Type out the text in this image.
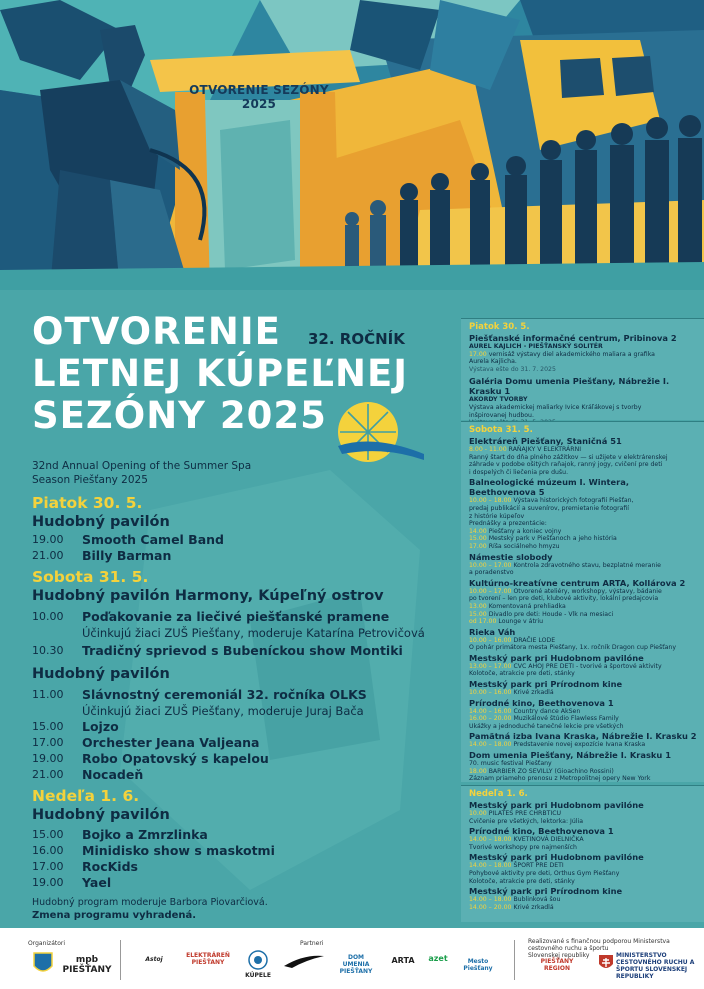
OTVORENIE SEZÓNY 2025
OTVORENIE
LETNEJ KÚPEĽNEJ
SEZÓNY 2025
32. ROČNÍK
32nd Annual Opening of the Summer Spa
Season Piešťany 2025
Piatok 30. 5.
Hudobný pavilón
19.00	Smooth Camel Band
21.00	Billy Barman
Sobota 31. 5.
Hudobný pavilón Harmony, Kúpeľný ostrov
10.00	Poďakovanie za liečivé piešťanské pramene
Účinkujú žiaci ZUŠ Piešťany, moderuje Katarína Petrovičová
10.30	Tradičný sprievod s Bubeníckou show Montiki
Hudobný pavilón
11.00	Slávnostný ceremoniál 32. ročníka OLKS
Účinkujú žiaci ZUŠ Piešťany, moderuje Juraj Bača
15.00	Lojzo
17.00	Orchester Jeana Valjeana
19.00	Robo Opatovský s kapelou
21.00	Nocadeň
Nedeľa 1. 6.
Hudobný pavilón
15.00	Bojko a Zmrzlinka
16.00	Minidisko show s maskotmi
17.00	RocKids
19.00	Yael
Hudobný program moderuje Barbora Piovarčiová.
Zmena programu vyhradená.
Piatok 30. 5.
Piešťanské informačné centrum, Pribinova 2
AUREL KAJLICH - PIEŠŤANSKÝ SOLITÉR
17.00 vernisáž výstavy diel akademického maliara a grafika
Aurela Kajlicha.
Výstava ešte do 31. 7. 2025
Galéria Domu umenia Piešťany, Nábrežie I. Krasku 1
AKORDY TVORBY
Výstava akademickej maliarky Ivice Kráľákovej s tvorby
inšpirovanej hudbou.
Sobota 31. 5.
Elektráreň Piešťany, Staničná 51
8.00 - 11.00 RAŇAJKY V ELEKTRÁRNI
Ranný štart do dňa plného zážitkov — si užijete v elektrárenskej
záhrade v podobe ošitých raňajok, ranný jogy, cvičení pre deti
i dospelých či liečenia pre dušu.
Balneologické múzeum I. Wintera, Beethovenova 5
10.00 – 18.00 Výstava historických fotografií Piešťan,
predaj publikácií a suvenírov, premietanie fotografií
z histórie kúpeľov
Prednášky a prezentácie:
14.00 Piešťany a koniec vojny
15.00 Mestský park v Piešťanoch a jeho história
17.00 Ríša sociálneho hmyzu
Námestie slobody
10.00 – 17.00 Kontrola zdravotného stavu, bezplatné meranie
a poradenstvo
Kultúrno-kreatívne centrum ARTA, Kollárova 2
10.00 – 17.00 Otvorené ateliéry, workshopy, výstavy, bádanie
po tvorení – len pre deti, klubové aktivity, lokální predajcovia
13.00 Komentovaná prehliadka
15.00 Divadlo pre deti: Houde - Vlk na mesiaci
od 17.00 Lounge v átriu
Rieka Váh
10.00 – 16.00 DRAČIE LODE
O pohár primátora mesta Piešťany, 1x. ročník Dragon cup Piešťany
Mestský park pri Hudobnom pavilóne
13.00 – 17.00 CVC AHOJ PRE DETI - tvorivé a športové aktivity
Kolotoče, atrakcie pre deti, stánky
Mestský park pri Prírodnom kine
10.00 – 16.00 Krivé zrkadlá
Prírodné kino, Beethovenova 1
14.00 – 16.00 Country dance AkSen
16.00 – 20.00 Muzikálové štúdio Flawless Family
Ukážky a jednoduché tanečné lekcie pre všetkých
Pamätná izba Ivana Kraska, Nábrežie I. Krasku 2
14.00 – 18.00 Predstavenie novej expozície Ivana Kraska
Dom umenia Piešťany, Nábrežie I. Krasku 1
70. music festival Piešťany
18.00 BARBIER ZO SEVILLY (Gioachino Rossini)
Záznam priameho prenosu z Metropolitnej opery New York
Nedeľa 1. 6.
Mestský park pri Hudobnom pavilóne
10.00 PILATES PRE CHRBTICU
Cvičenie pre všetkých, lektorka: Júlia
Prírodné kino, Beethovenova 1
14.00 – 18.00 KVETINOVÁ DIELNIČKA
Tvorivé workshopy pre najmenších
Mestský park pri Hudobnom pavilóne
14.00 – 18.00 ŠPORT PRE DETI
Pohybové aktivity pre deti, Orthus Gym Piešťany
Kolotoče, atrakcie pre deti, stánky
Mestský park pri Prírodnom kine
14.00 – 18.00 Bublinková šou
14.00 – 20.00 Krivé zrkadlá
Organizátori
mpb PIEŠŤANY
Partneri
Astoj
ELEKTRÁREŇ PIEŠŤANY
KÚPELE
DOM UMENIA PIEŠŤANY
ARTA	azet	Mesto Piešťany
Realizované s finančnou podporou Ministerstva cestovného ruchu a športu
Slovenskej republiky
PIEŠŤANY REGION
MINISTERSTVO CESTOVNÉHO RUCHU A ŠPORTU SLOVENSKEJ REPUBLIKY
